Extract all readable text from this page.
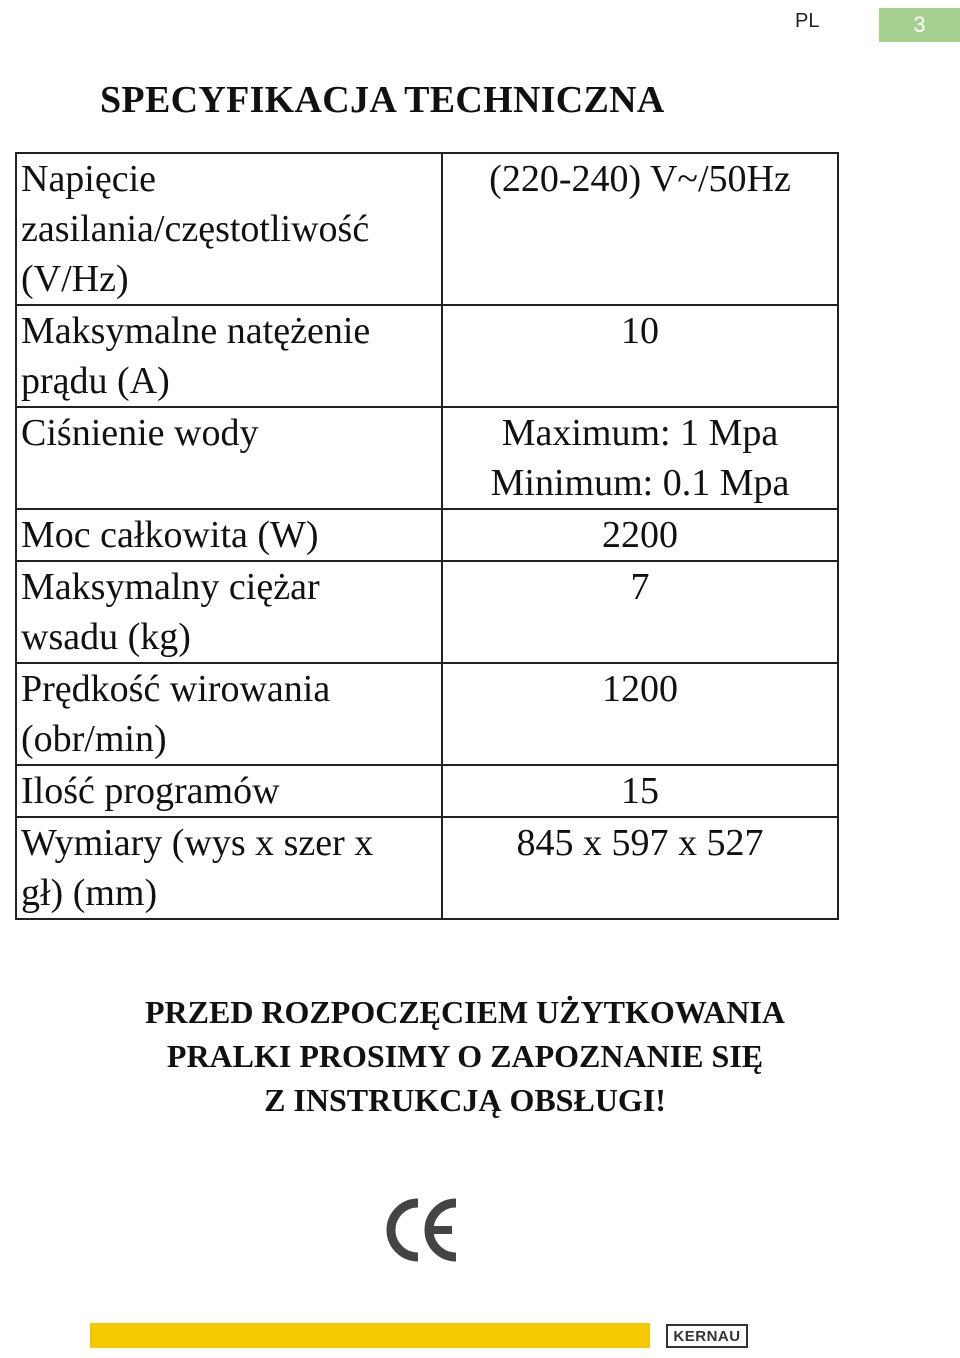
PL	3
SPECYFIKACJA TECHNICZNA
Napięcie
zasilania/częstotliwość
(V/Hz)	(220-240) V~/50Hz

Maksymalne natężenie
prądu (A)	10

Ciśnienie wody	Maximum: 1 Mpa
Minimum: 0.1 Mpa

Moc całkowita (W)	2200

Maksymalny ciężar
wsadu (kg)	7

Prędkość wirowania
(obr/min)	1200

Ilość programów	15

Wymiary (wys x szer x
gł) (mm)	845 x 597 x 527
PRZED ROZPOCZĘCIEM UŻYTKOWANIA
PRALKI PROSIMY O ZAPOZNANIE SIĘ
Z INSTRUKCJĄ OBSŁUGI!
KERNAU
